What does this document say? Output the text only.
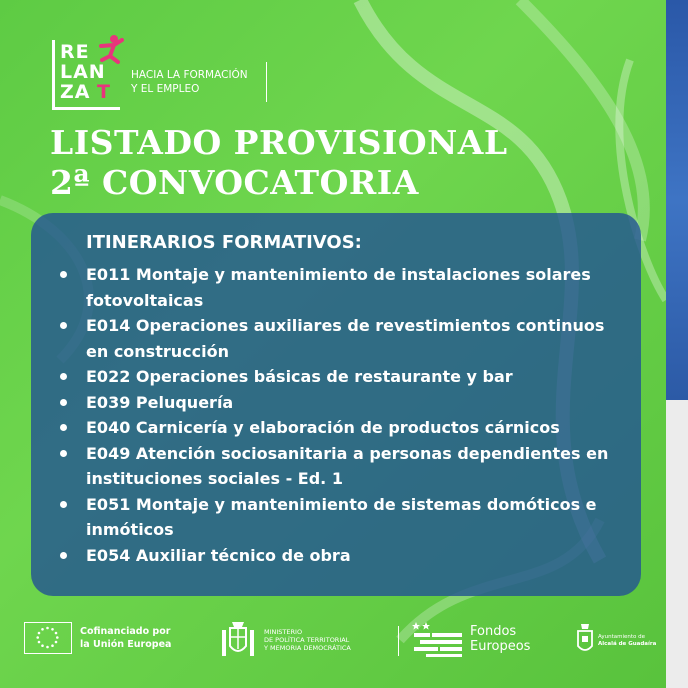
RE
LAN
ZA T
HACIA LA FORMACIÓN
Y EL EMPLEO
LISTADO PROVISIONAL
2ª CONVOCATORIA
ITINERARIOS FORMATIVOS:
E011 Montaje y mantenimiento de instalaciones solares fotovoltaicas
E014 Operaciones auxiliares de revestimientos continuos en construcción
E022 Operaciones básicas de restaurante y bar
E039 Peluquería
E040 Carnicería y elaboración de productos cárnicos
E049 Atención sociosanitaria a personas dependientes en instituciones sociales - Ed. 1
E051 Montaje y mantenimiento de sistemas domóticos e inmóticos
E054 Auxiliar técnico de obra
Cofinanciado por
la Unión Europea
MINISTERIO
DE POLÍTICA TERRITORIAL
Y MEMORIA DEMOCRÁTICA
Fondos
Europeos
Ayuntamiento de
Alcalá de Guadaíra
